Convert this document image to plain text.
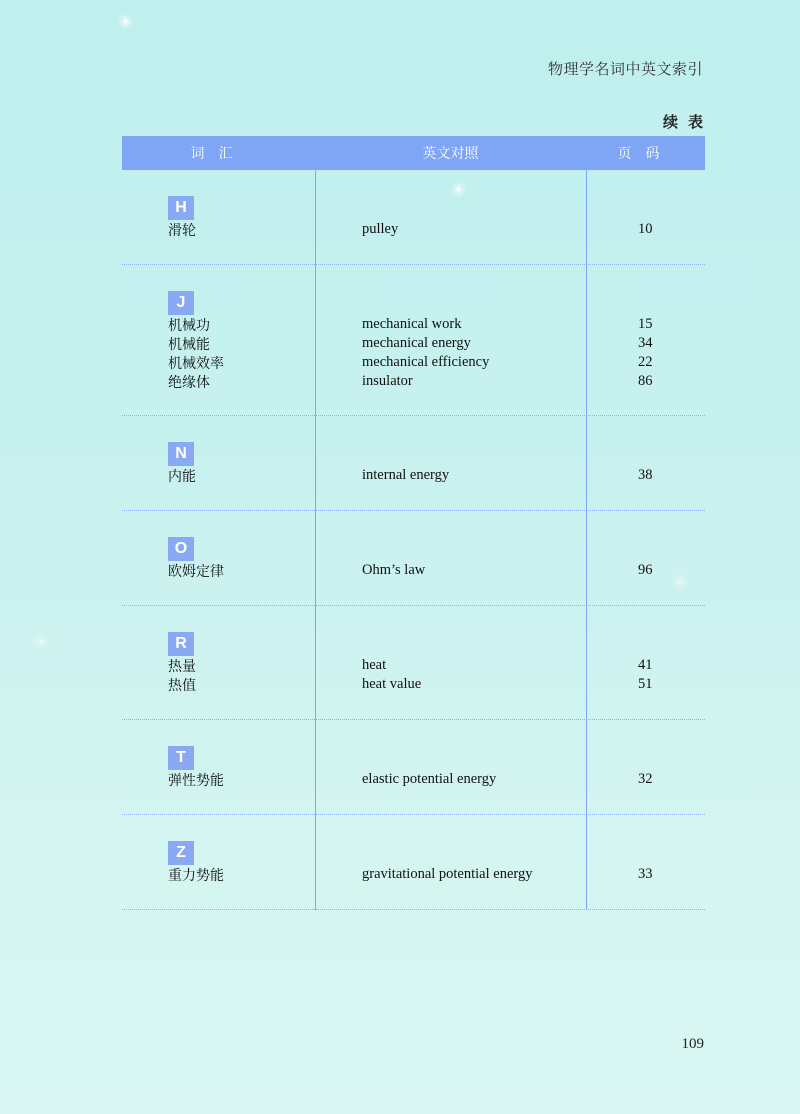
物理学名词中英文索引
续表
词汇	英文对照	页码
H
滑轮	pulley	10
J
机械功	mechanical work	15
机械能	mechanical energy	34
机械效率	mechanical efficiency	22
绝缘体	insulator	86
N
内能	internal energy	38
O
欧姆定律	Ohm’s law	96
R
热量	heat	41
热值	heat value	51
T
弹性势能	elastic potential energy	32
Z
重力势能	gravitational potential energy	33
109
